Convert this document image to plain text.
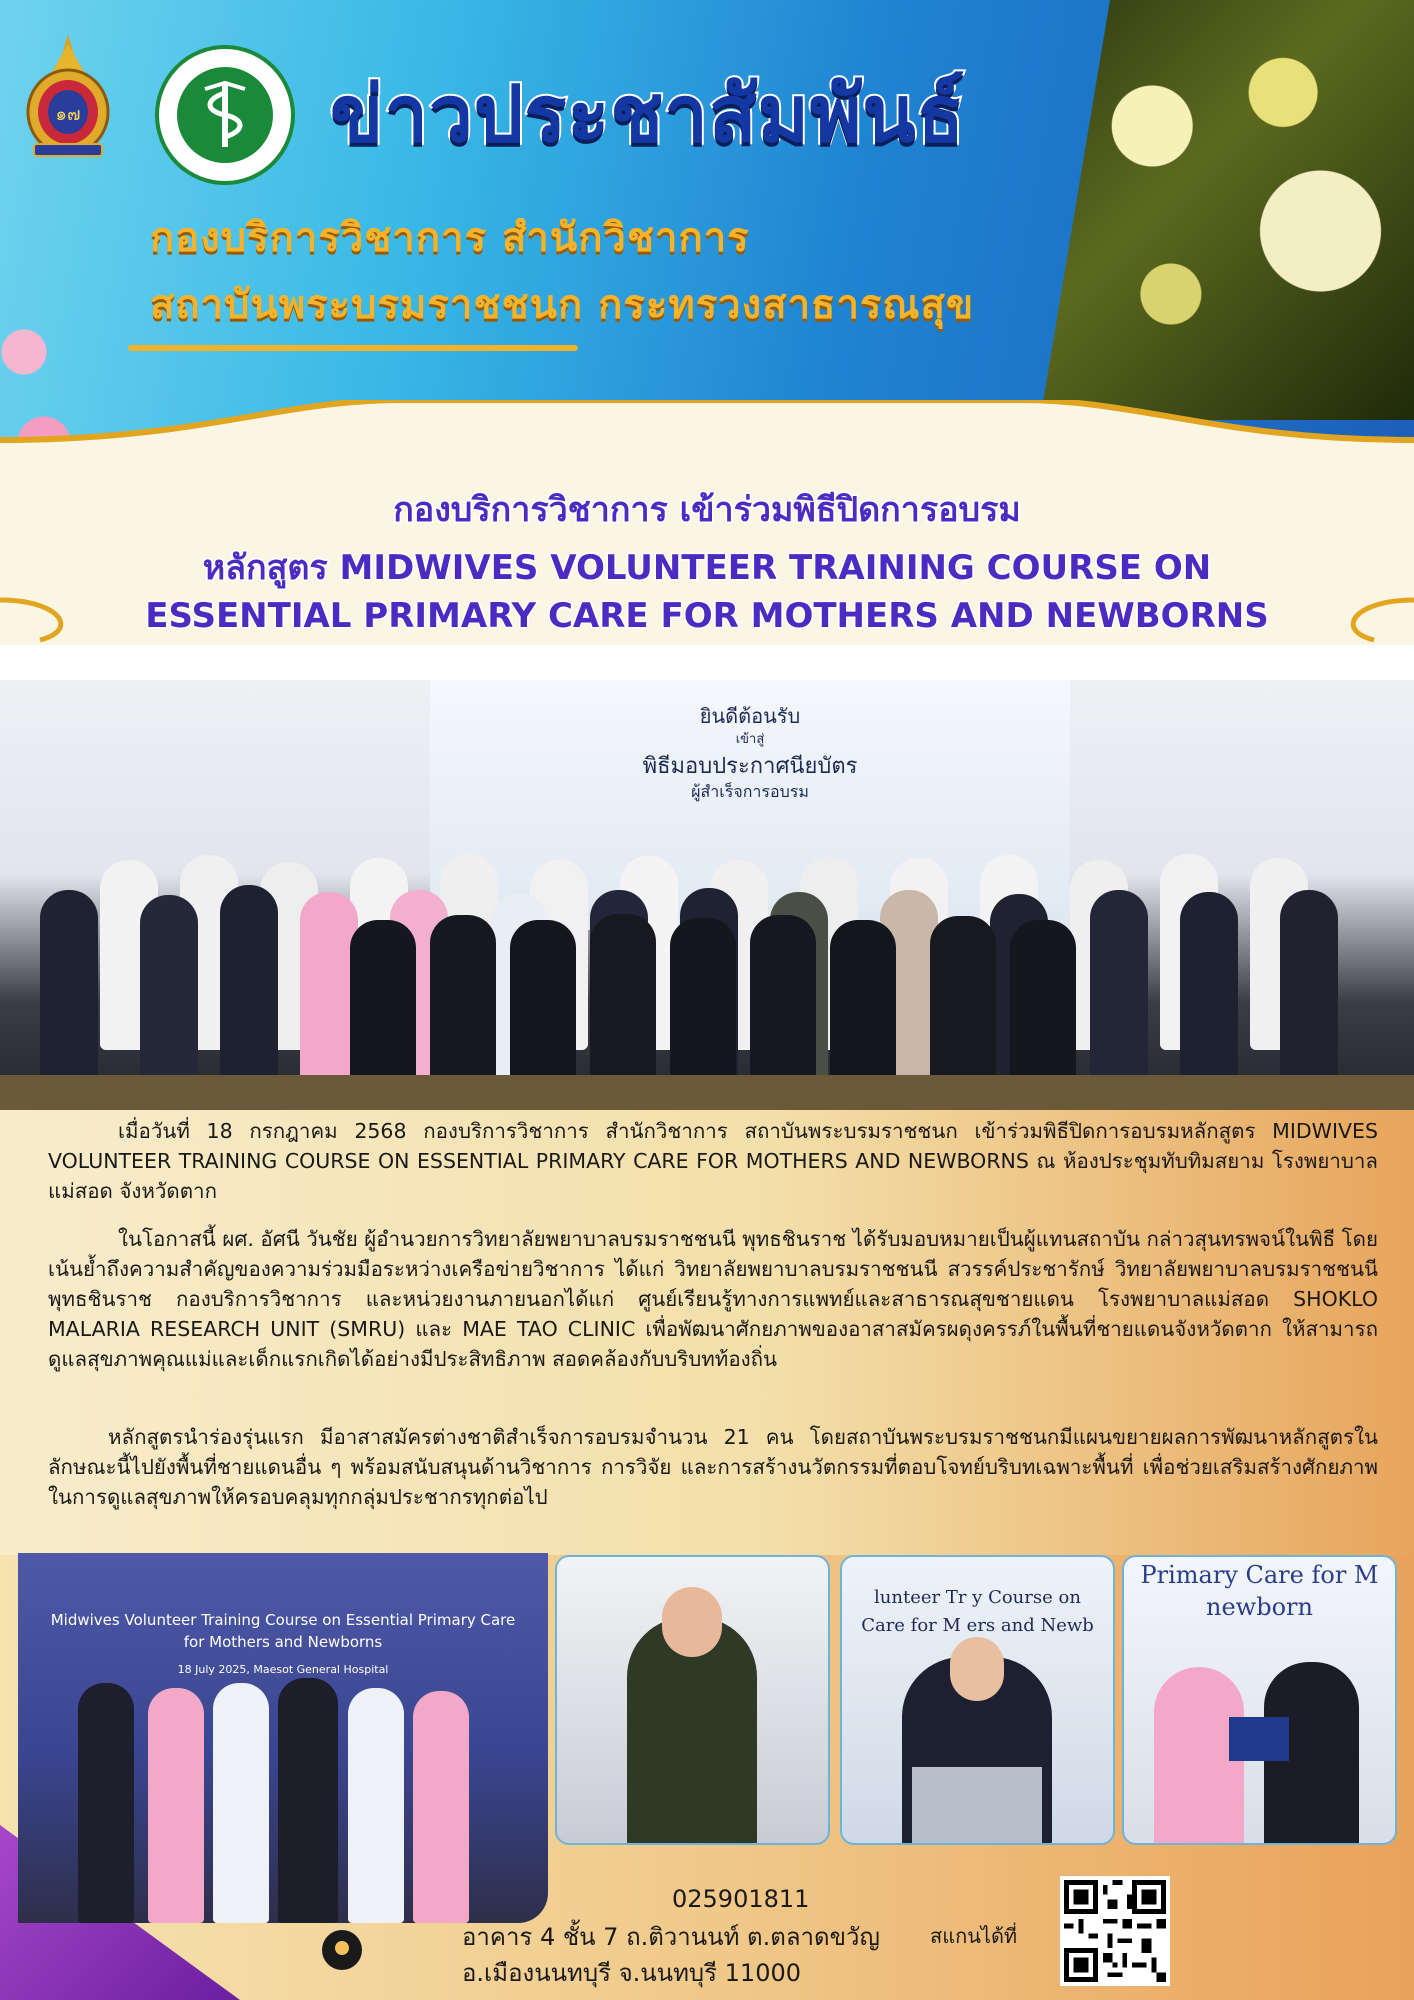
๑๗	ข่าวประชาสัมพันธ์
กองบริการวิชาการ สำนักวิชาการ
สถาบันพระบรมราชชนก กระทรวงสาธารณสุข
กองบริการวิชาการ เข้าร่วมพิธีปิดการอบรม
หลักสูตร MIDWIVES VOLUNTEER TRAINING COURSE ON
ESSENTIAL PRIMARY CARE FOR MOTHERS AND NEWBORNS
ยินดีต้อนรับ
เข้าสู่
พิธีมอบประกาศนียบัตร
ผู้สำเร็จการอบรม
เมื่อวันที่ 18 กรกฎาคม 2568 กองบริการวิชาการ สำนักวิชาการ สถาบันพระบรมราชชนก เข้าร่วมพิธีปิดการอบรมหลักสูตร MIDWIVES VOLUNTEER TRAINING COURSE ON ESSENTIAL PRIMARY CARE FOR MOTHERS AND NEWBORNS ณ ห้องประชุมทับทิมสยาม โรงพยาบาลแม่สอด จังหวัดตาก
ในโอกาสนี้ ผศ. อัศนี วันชัย ผู้อำนวยการวิทยาลัยพยาบาลบรมราชชนนี พุทธชินราช ได้รับมอบหมายเป็นผู้แทนสถาบัน กล่าวสุนทรพจน์ในพิธี โดยเน้นย้ำถึงความสำคัญของความร่วมมือระหว่างเครือข่ายวิชาการ ได้แก่ วิทยาลัยพยาบาลบรมราชชนนี สวรรค์ประชารักษ์ วิทยาลัยพยาบาลบรมราชชนนี พุทธชินราช กองบริการวิชาการ และหน่วยงานภายนอกได้แก่ ศูนย์เรียนรู้ทางการแพทย์และสาธารณสุขชายแดน โรงพยาบาลแม่สอด SHOKLO MALARIA RESEARCH UNIT (SMRU) และ MAE TAO CLINIC เพื่อพัฒนาศักยภาพของอาสาสมัครผดุงครรภ์ในพื้นที่ชายแดนจังหวัดตาก ให้สามารถดูแลสุขภาพคุณแม่และเด็กแรกเกิดได้อย่างมีประสิทธิภาพ สอดคล้องกับบริบทท้องถิ่น
หลักสูตรนำร่องรุ่นแรก มีอาสาสมัครต่างชาติสำเร็จการอบรมจำนวน 21 คน โดยสถาบันพระบรมราชชนกมีแผนขยายผลการพัฒนาหลักสูตรในลักษณะนี้ไปยังพื้นที่ชายแดนอื่น ๆ พร้อมสนับสนุนด้านวิชาการ การวิจัย และการสร้างนวัตกรรมที่ตอบโจทย์บริบทเฉพาะพื้นที่ เพื่อช่วยเสริมสร้างศักยภาพในการดูแลสุขภาพให้ครอบคลุมทุกกลุ่มประชากรทุกต่อไป
Midwives Volunteer Training Course on Essential Primary Care
for Mothers and Newborns
18 July 2025, Maesot General Hospital
lunteer Tr y Course on
Care for M ers and Newb
Primary Care for M
newborn
025901811
อาคาร 4 ชั้น 7 ถ.ติวานนท์ ต.ตลาดขวัญ
อ.เมืองนนทบุรี จ.นนทบุรี 11000
สแกนได้ที่
